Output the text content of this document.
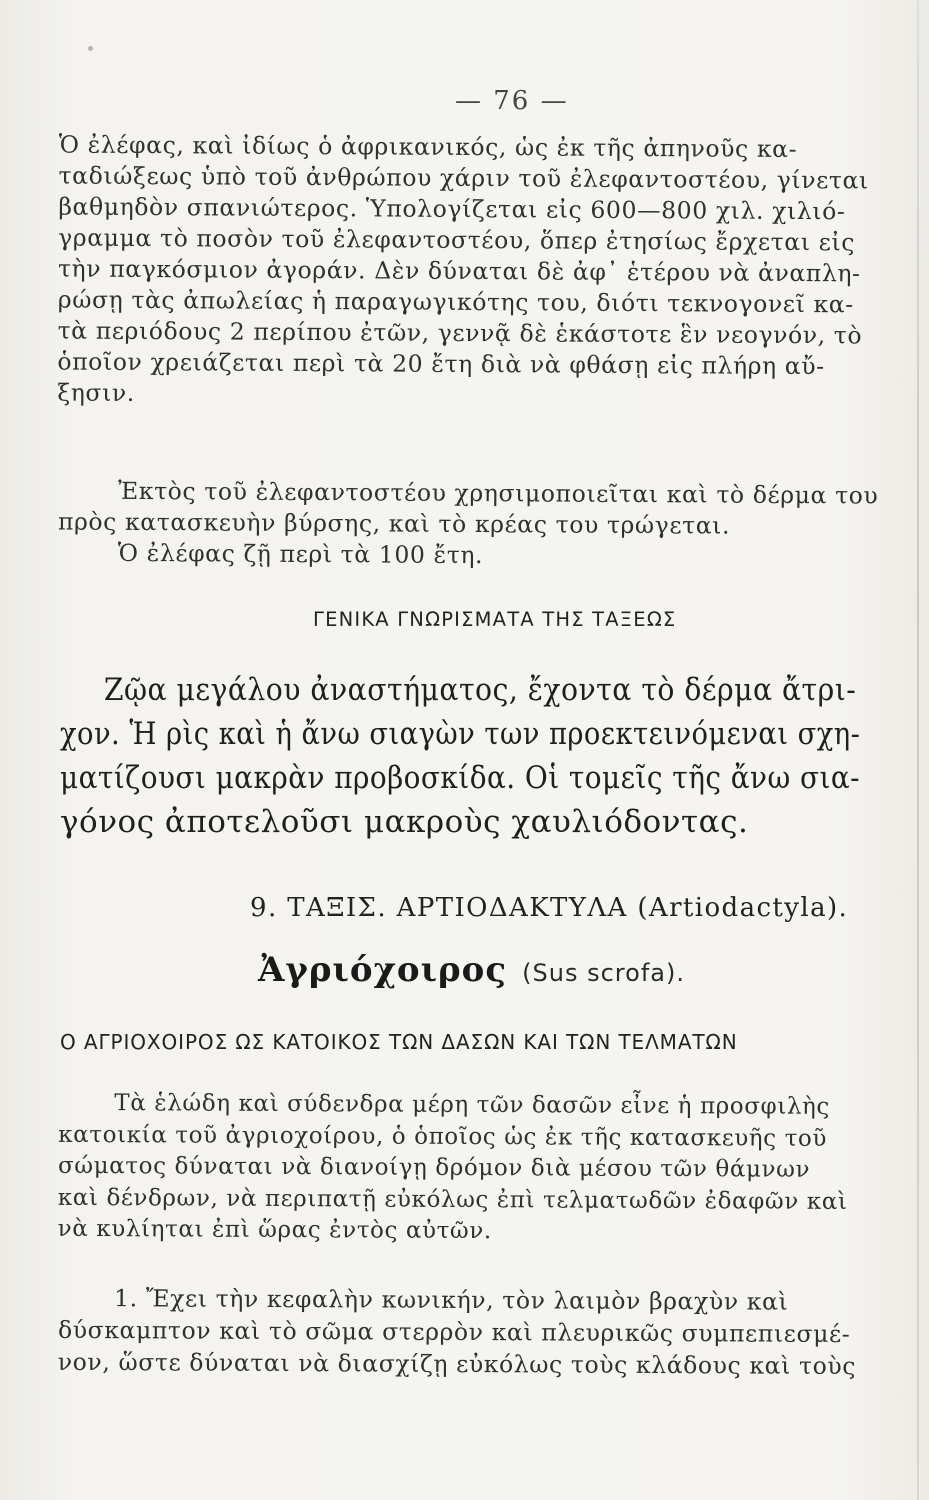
— 76 —
Ὁ ἐλέφας, καὶ ἰδίως ὁ ἀφρικανικός, ὡς ἐκ τῆς ἀπηνοῦς κα-
ταδιώξεως ὑπὸ τοῦ ἀνθρώπου χάριν τοῦ ἐλεφαντοστέου, γίνεται
βαθμηδὸν σπανιώτερος. Ὑπολογίζεται εἰς 600—800 χιλ. χιλιό-
γραμμα τὸ ποσὸν τοῦ ἐλεφαντοστέου, ὅπερ ἐτησίως ἔρχεται εἰς
τὴν παγκόσμιον ἀγοράν. Δὲν δύναται δὲ ἀφ᾽ ἑτέρου νὰ ἀναπλη-
ρώσῃ τὰς ἀπωλείας ἡ παραγωγικότης του, διότι τεκνογονεῖ κα-
τὰ περιόδους 2 περίπου ἐτῶν, γεννᾷ δὲ ἑκάστοτε ἓν νεογνόν, τὸ
ὁποῖον χρειάζεται περὶ τὰ 20 ἔτη διὰ νὰ φθάσῃ εἰς πλήρη αὔ-
ξησιν.
Ἐκτὸς τοῦ ἐλεφαντοστέου χρησιμοποιεῖται καὶ τὸ δέρμα του
πρὸς κατασκευὴν βύρσης, καὶ τὸ κρέας του τρώγεται.
Ὁ ἐλέφας ζῇ περὶ τὰ 100 ἔτη.
ΓΕΝΙΚΑ ΓΝΩΡΙΣΜΑΤΑ ΤΗΣ ΤΑΞΕΩΣ
Ζῷα μεγάλου ἀναστήματος, ἔχοντα τὸ δέρμα ἄτρι-
χον. Ἡ ρὶς καὶ ἡ ἄνω σιαγὼν των προεκτεινόμεναι σχη-
ματίζουσι μακρὰν προβοσκίδα. Οἱ τομεῖς τῆς ἄνω σια-
γόνος ἀποτελοῦσι μακροὺς χαυλιόδοντας.
9. ΤΑΞΙΣ. ΑΡΤΙΟΔΑΚΤΥΛΑ (Artiodactyla).
Ἀγριόχοιρος (Sus scrofa).
Ο ΑΓΡΙΟΧΟΙΡΟΣ ΩΣ ΚΑΤΟΙΚΟΣ ΤΩΝ ΔΑΣΩΝ ΚΑΙ ΤΩΝ ΤΕΛΜΑΤΩΝ
Τὰ ἑλώδη καὶ σύδενδρα μέρη τῶν δασῶν εἶνε ἡ προσφιλὴς
κατοικία τοῦ ἀγριοχοίρου, ὁ ὁποῖος ὡς ἐκ τῆς κατασκευῆς τοῦ
σώματος δύναται νὰ διανοίγῃ δρόμον διὰ μέσου τῶν θάμνων
καὶ δένδρων, νὰ περιπατῇ εὐκόλως ἐπὶ τελματωδῶν ἐδαφῶν καὶ
νὰ κυλίηται ἐπὶ ὥρας ἐντὸς αὐτῶν.
1. Ἔχει τὴν κεφαλὴν κωνικήν, τὸν λαιμὸν βραχὺν καὶ
δύσκαμπτον καὶ τὸ σῶμα στερρὸν καὶ πλευρικῶς συμπεπιεσμέ-
νον, ὥστε δύναται νὰ διασχίζῃ εὐκόλως τοὺς κλάδους καὶ τοὺς
